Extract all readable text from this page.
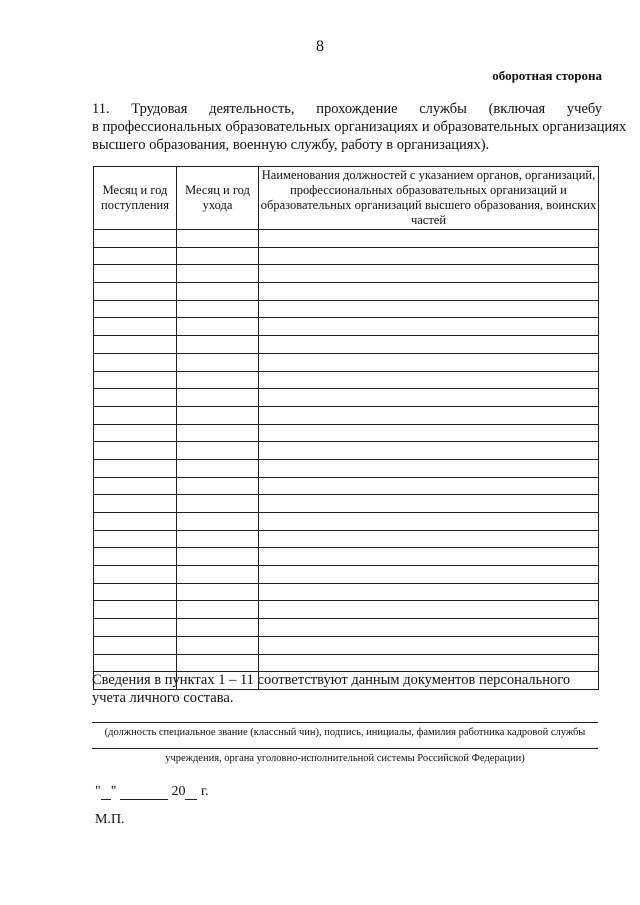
8
оборотная сторона
11. Трудовая деятельность, прохождение службы (включая учебу
в профессиональных образовательных организациях и образовательных организациях
высшего образования, военную службу, работу в организациях).
Месяц и год поступления	Месяц и год ухода	Наименования должностей с указанием органов, организаций, профессиональных образовательных организаций и образовательных организаций высшего образования, воинских частей

Сведения в пунктах 1 – 11 соответствуют данным документов персонального учета личного состава.
(должность специальное звание (классный чин), подпись, инициалы, фамилия работника кадровой службы
учреждения, органа уголовно-исполнительной системы Российской Федерации)
" "	20 г.
М.П.
